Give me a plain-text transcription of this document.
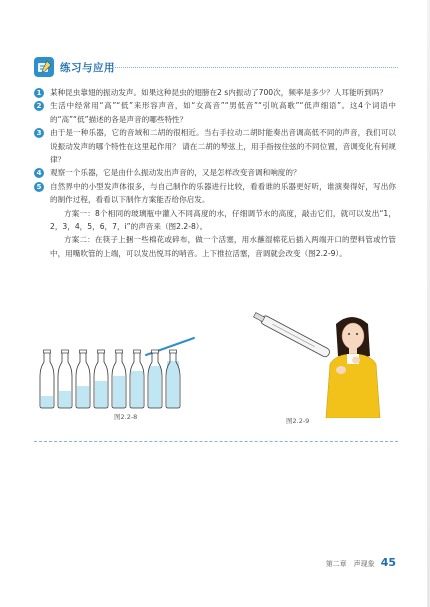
练习与应用
1	某种昆虫靠翅的振动发声。如果这种昆虫的翅膀在2 s内振动了700次，频率是多少？人耳能听到吗？
2	生活中经常用“高”“低”来形容声音，如“女高音”“男低音”“引吭高歌”“低声细语”。这4个词语中的“高”“低”描述的各是声音的哪些特性？
3	由于是一种乐器，它的音域和二胡的很相近。当右手拉动二胡时能奏出音调高低不同的声音，我们可以说振动发声的哪个特性在这里起作用？ 请在二胡的琴弦上，用手指按住弦的不同位置，音调变化有何规律？
4	观察一个乐器，它是由什么振动发出声音的，又是怎样改变音调和响度的？
5	自然界中的小型发声体很多，与自己制作的乐器进行比较，看看谁的乐器更好听，谁演奏得好，写出你的制作过程，看看以下制作方案能否给你启发。
方案一：8个相同的玻璃瓶中灌入不同高度的水，仔细调节水的高度，敲击它们，就可以发出“1，2，3，4，5，6，7，i”的声音来（图2.2-8）。
方案二：在筷子上捆一些棉花或碎布，做一个活塞，用水蘸湿棉花后插入两端开口的塑料管或竹管中，用嘴吹管的上端，可以发出悦耳的哨音。上下推拉活塞，音调就会改变（图2.2-9）。
图2.2-8	图2.2-9
第二章　声现象 45
